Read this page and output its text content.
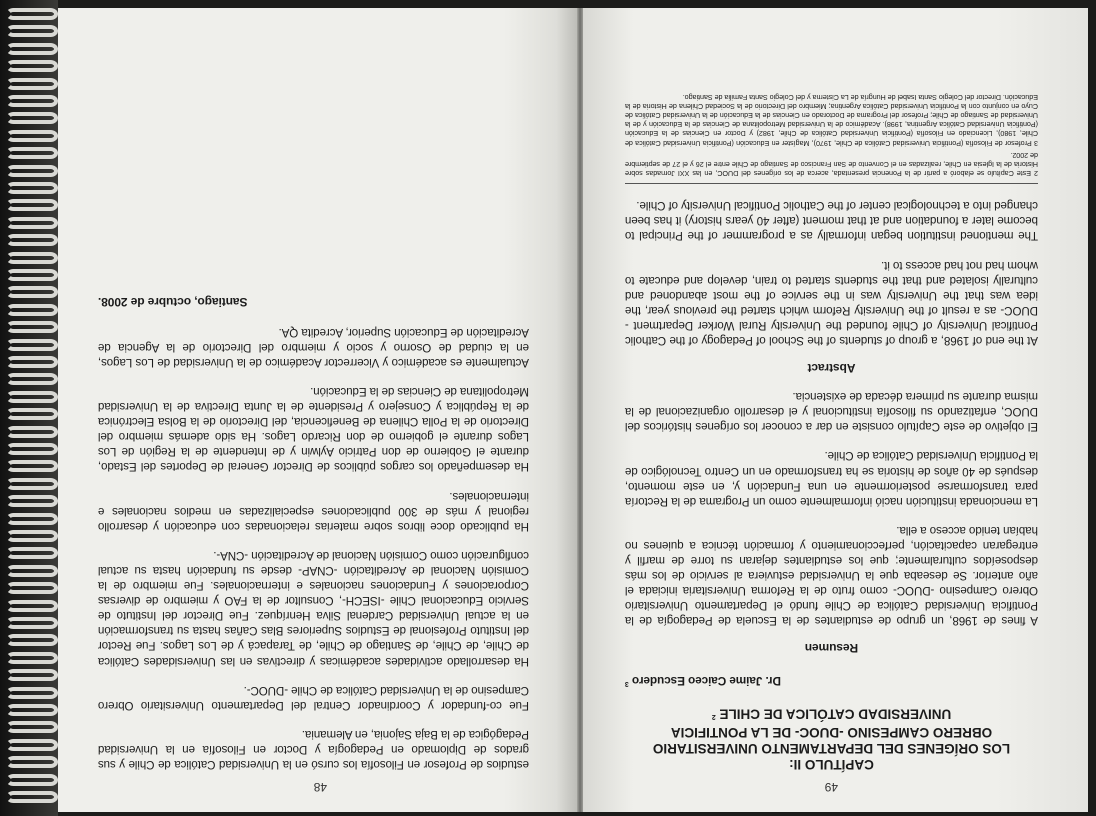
49
CAPÍTULO II:
LOS ORÍGENES DEL DEPARTAMENTO UNIVERSITARIO
OBRERO CAMPESINO -DUOC- DE LA PONTIFICIA
UNIVERSIDAD CATÓLICA DE CHILE $^2$
Dr. Jaime Caiceo Escudero $^3$
Resumen

A fines de 1968, un grupo de estudiantes de la Escuela de Pedagogía de la Pontificia Universidad Católica de Chile fundó el Departamento Universitario Obrero Campesino -DUOC- como fruto de la Reforma Universitaria iniciada el año anterior. Se deseaba que la Universidad estuviera al servicio de los más desposeídos culturalmente; que los estudiantes dejaran su torre de marfil y entregaran capacitación, perfeccionamiento y formación técnica a quienes no habían tenido acceso a ella.

La mencionada institución nació informalmente como un Programa de la Rectoría para transformarse posteriormente en una Fundación y, en este momento, después de 40 años de historia se ha transformado en un Centro Tecnológico de la Pontificia Universidad Católica de Chile.

El objetivo de este Capítulo consiste en dar a conocer los orígenes históricos del DUOC, enfatizando su filosofía institucional y el desarrollo organizacional de la misma durante su primera década de existencia.

Abstract

At the end of 1968, a group of students of the School of Pedagogy of the Catholic Pontifical University of Chile founded the University Rural Worker Department -DUOC- as a result of the University Reform which started the previous year, the idea was that the University was in the service of the most abandoned and culturally isolated and that the students started to train, develop and educate to whom had not had access to it.

The mentioned institution began informally as a programmer of the Principal to become later a foundation and at that moment (after 40 years history) it has been changed into a technological center of the Catholic Pontifical University of Chile.

2 Este Capítulo se elaboró a partir de la Ponencia presentada, acerca de los orígenes del DUOC, en las XXI Jornadas sobre Historia de la Iglesia en Chile, realizadas en el Convento de San Francisco de Santiago de Chile entre el 26 y el 27 de septiembre de 2002.

3 Profesor de Filosofía (Pontificia Universidad Católica de Chile, 1970), Magíster en Educación (Pontificia Universidad Católica de Chile, 1980), Licenciado en Filosofía (Pontificia Universidad Católica de Chile, 1982) y Doctor en Ciencias de la Educación (Pontificia Universidad Católica Argentina, 1998). Académico de la Universidad Metropolitana de Ciencias de la Educación y de la Universidad de Santiago de Chile; Profesor del Programa de Doctorado en Ciencias de la Educación de la Universidad Católica de Cuyo en conjunto con la Pontificia Universidad Católica Argentina; Miembro del Directorio de la Sociedad Chilena de Historia de la Educación. Director del Colegio Santa Isabel de Hungría de La Cisterna y del Colegio Santa Familia de Santiago.

48

estudios de Profesor en Filosofía los cursó en la Universidad Católica de Chile y sus grados de Diplomado en Pedagogía y Doctor en Filosofía en la Universidad Pedagógica de la Baja Sajonia, en Alemania.

Fue co-fundador y Coordinador Central del Departamento Universitario Obrero Campesino de la Universidad Católica de Chile -DUOC-.

Ha desarrollado actividades académicas y directivas en las Universidades Católica de Chile, de Chile, de Santiago de Chile, de Tarapacá y de Los Lagos. Fue Rector del Instituto Profesional de Estudios Superiores Blas Cañas hasta su transformación en la actual Universidad Cardenal Silva Henríquez. Fue Director del Instituto de Servicio Educacional Chile -ISECH-, Consultor de la FAO y miembro de diversas Corporaciones y Fundaciones nacionales e internacionales. Fue miembro de la Comisión Nacional de Acreditación -CNAP- desde su fundación hasta su actual configuración como Comisión Nacional de Acreditación -CNA-.

Ha publicado doce libros sobre materias relacionadas con educación y desarrollo regional y más de 300 publicaciones especializadas en medios nacionales e internacionales.

Ha desempeñado los cargos públicos de Director General de Deportes del Estado, durante el Gobierno de don Patricio Aylwin y de Intendente de la Región de Los Lagos durante el gobierno de don Ricardo Lagos. Ha sido además miembro del Directorio de la Polla Chilena de Beneficencia, del Directorio de la Bolsa Electrónica de la República y Consejero y Presidente de la Junta Directiva de la Universidad Metropolitana de Ciencias de la Educación.

Actualmente es académico y Vicerrector Académico de la Universidad de Los Lagos, en la ciudad de Osorno y socio y miembro del Directorio de la Agencia de Acreditación de Educación Superior, Acredita QA.

Santiago, octubre de 2008.
